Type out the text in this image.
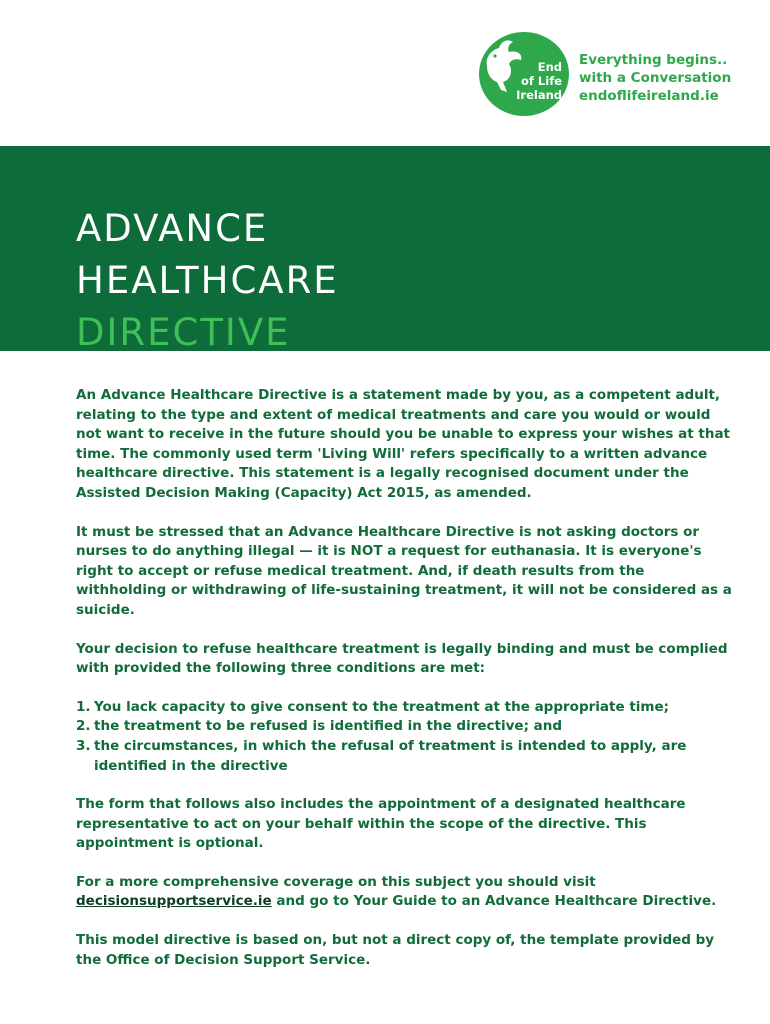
End
of Life
Ireland
Everything begins..
with a Conversation
endoflifeireland.ie
ADVANCE
HEALTHCARE
DIRECTIVE

An Advance Healthcare Directive is a statement made by you, as a competent adult, relating to the type and extent of medical treatments and care you would or would not want to receive in the future should you be unable to express your wishes at that time. The commonly used term 'Living Will' refers specifically to a written advance healthcare directive. This statement is a legally recognised document under the Assisted Decision Making (Capacity) Act 2015, as amended.

It must be stressed that an Advance Healthcare Directive is not asking doctors or nurses to do anything illegal — it is NOT a request for euthanasia. It is everyone's right to accept or refuse medical treatment. And, if death results from the withholding or withdrawing of life-sustaining treatment, it will not be considered as a suicide.

Your decision to refuse healthcare treatment is legally binding and must be complied with provided the following three conditions are met:

1. You lack capacity to give consent to the treatment at the appropriate time;
2. the treatment to be refused is identified in the directive; and
3. the circumstances, in which the refusal of treatment is intended to apply, are identified in the directive

The form that follows also includes the appointment of a designated healthcare representative to act on your behalf within the scope of the directive. This appointment is optional.

For a more comprehensive coverage on this subject you should visit
decisionsupportservice.ie and go to Your Guide to an Advance Healthcare Directive.

This model directive is based on, but not a direct copy of, the template provided by the Office of Decision Support Service.
